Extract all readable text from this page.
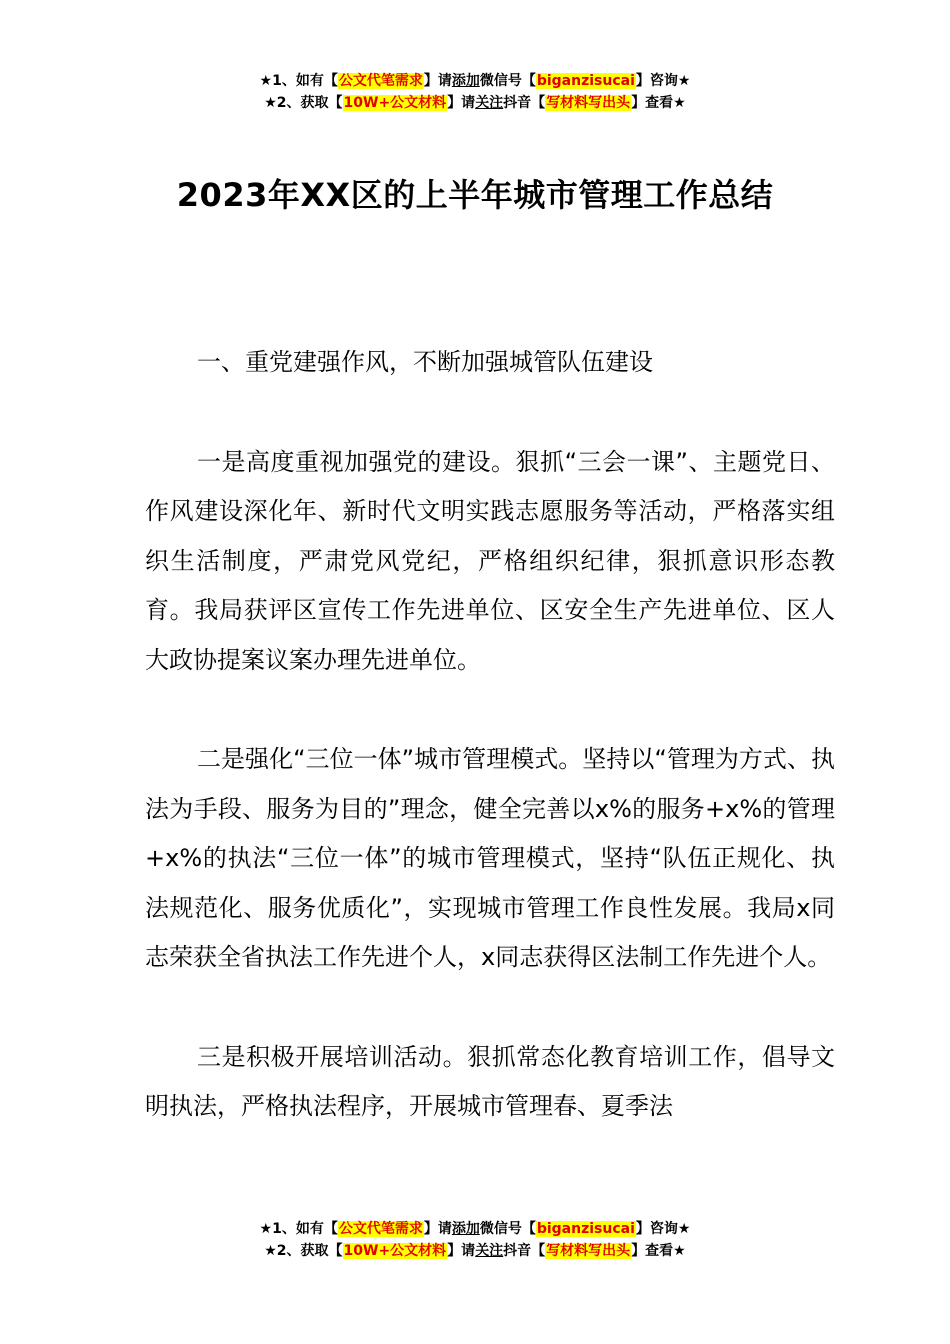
★1、如有【公文代笔需求】请添加微信号【biganzisucai】咨询★
★2、获取【10W+公文材料】请关注抖音【写材料写出头】查看★
2023年XX区的上半年城市管理工作总结

一、重党建强作风，不断加强城管队伍建设

一是高度重视加强党的建设。狠抓“三会一课”、主题党日、作风建设深化年、新时代文明实践志愿服务等活动，严格落实组织生活制度，严肃党风党纪，严格组织纪律，狠抓意识形态教育。我局获评区宣传工作先进单位、区安全生产先进单位、区人大政协提案议案办理先进单位。

二是强化“三位一体”城市管理模式。坚持以“管理为方式、执法为手段、服务为目的”理念，健全完善以x%的服务+x%的管理+x%的执法“三位一体”的城市管理模式，坚持“队伍正规化、执法规范化、服务优质化”，实现城市管理工作良性发展。我局x同志荣获全省执法工作先进个人，x同志获得区法制工作先进个人。

三是积极开展培训活动。狠抓常态化教育培训工作，倡导文明执法，严格执法程序，开展城市管理春、夏季法

★1、如有【公文代笔需求】请添加微信号【biganzisucai】咨询★
★2、获取【10W+公文材料】请关注抖音【写材料写出头】查看★
